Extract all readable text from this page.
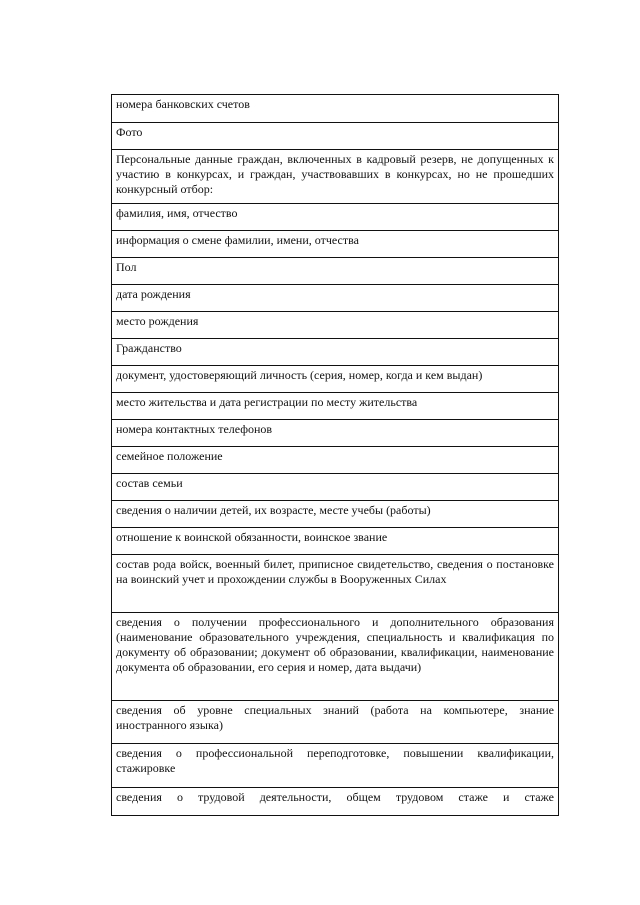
номера банковских счетов
Фото
Персональные данные граждан, включенных в кадровый резерв, не допущенных к участию в конкурсах, и граждан, участвовавших в конкурсах, но не прошедших конкурсный отбор:
фамилия, имя, отчество
информация о смене фамилии, имени, отчества
Пол
дата рождения
место рождения
Гражданство
документ, удостоверяющий личность (серия, номер, когда и кем выдан)
место жительства и дата регистрации по месту жительства
номера контактных телефонов
семейное положение
состав семьи
сведения о наличии детей, их возрасте, месте учебы (работы)
отношение к воинской обязанности, воинское звание
состав рода войск, военный билет, приписное свидетельство, сведения о постановке на воинский учет и прохождении службы в Вооруженных Силах
сведения о получении профессионального и дополнительного образования (наименование образовательного учреждения, специальность и квалификация по документу об образовании; документ об образовании, квалификации, наименование документа об образовании, его серия и номер, дата выдачи)
сведения об уровне специальных знаний (работа на компьютере, знание иностранного языка)
сведения о профессиональной переподготовке, повышении квалификации, стажировке
сведения о трудовой деятельности, общем трудовом стаже и стаже
